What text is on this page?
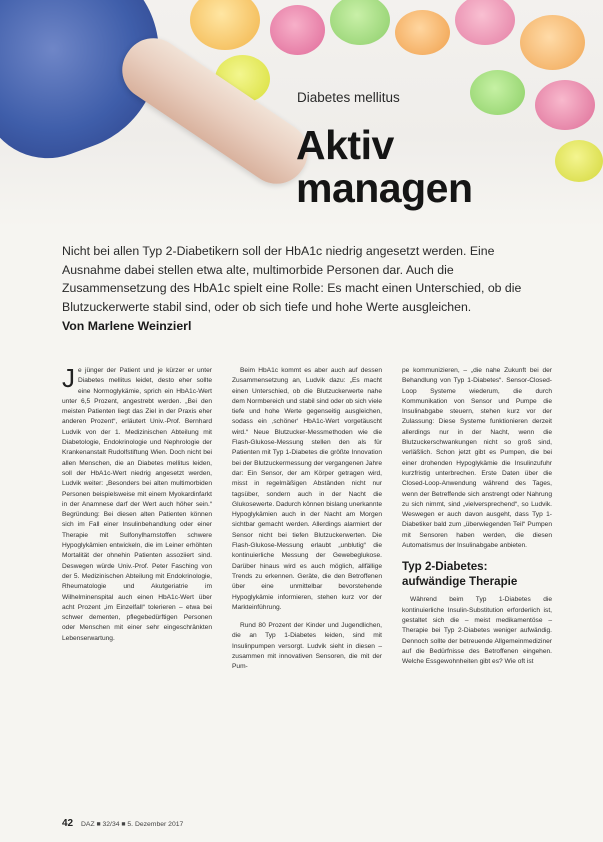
Diabetes mellitus
Aktiv
managen
Nicht bei allen Typ 2-Diabetikern soll der HbA1c niedrig angesetzt werden. Eine Ausnahme dabei stellen etwa alte, multimorbide Personen dar. Auch die Zusammensetzung des HbA1c spielt eine Rolle: Es macht einen Unterschied, ob die Blutzuckerwerte stabil sind, oder ob sich tiefe und hohe Werte ausgleichen.
Von Marlene Weinzierl

Je jünger der Patient und je kürzer er unter Diabetes mellitus leidet, desto eher sollte eine Normoglykämie, sprich ein HbA1c-Wert unter 6,5 Prozent, angestrebt werden. „Bei den meisten Patienten liegt das Ziel in der Praxis eher anderen Prozent“, erläutert Univ.-Prof. Bernhard Ludvik von der 1. Medizinischen Abteilung mit Diabetologie, Endokrinologie und Nephrologie der Krankenanstalt Rudolfstiftung Wien. Doch nicht bei allen Menschen, die an Diabetes mellitus leiden, soll der HbA1c-Wert niedrig angesetzt werden, Ludvik weiter: „Besonders bei alten multimorbiden Personen beispielsweise mit einem Myokardinfarkt in der Anamnese darf der Wert auch höher sein.“ Begründung: Bei diesen alten Patienten können sich im Fall einer Insulinbehandlung oder einer Therapie mit Sulfonylharnstoffen schwere Hypoglykämien entwickeln, die im Leiner erhöhten Mortalität der ohnehin Patienten assoziiert sind. Deswegen würde Univ.-Prof. Peter Fasching von der 5. Medizinischen Abteilung mit Endokrinologie, Rheumatologie und Akutgeriatrie im Wilhelminenspital auch einen HbA1c-Wert über acht Prozent „im Einzelfall“ tolerieren – etwa bei schwer dementen, pflegebedürftigen Personen oder Menschen mit einer sehr eingeschränkten Lebenserwartung.

Beim HbA1c kommt es aber auch auf dessen Zusammensetzung an, Ludvik dazu: „Es macht einen Unterschied, ob die Blutzuckerwerte nahe dem Normbereich und stabil sind oder ob sich viele tiefe und hohe Werte gegenseitig ausgleichen, sodass ein ‚schöner‘ HbA1c-Wert vorgetäuscht wird.“ Neue Blutzucker-Messmethoden wie die Flash-Glukose-Messung stellen den als für Patienten mit Typ 1-Diabetes die größte Innovation bei der Blutzuckermessung der vergangenen Jahre dar: Ein Sensor, der am Körper getragen wird, misst in regelmäßigen Abständen nicht nur tagsüber, sondern auch in der Nacht die Glukosewerte. Dadurch können bislang unerkannte Hypoglykämien auch in der Nacht am Morgen sichtbar gemacht werden. Allerdings alarmiert der Sensor nicht bei tiefen Blutzuckerwerten. Die Flash-Glukose-Messung erlaubt „unblutig“ die kontinuierliche Messung der Gewebeglukose. Darüber hinaus wird es auch möglich, allfällige Trends zu erkennen. Geräte, die den Betroffenen über eine unmittelbar bevorstehende Hypoglykämie informieren, stehen kurz vor der Markteinführung.

Rund 80 Prozent der Kinder und Jugendlichen, die an Typ 1-Diabetes leiden, sind mit Insulinpumpen versorgt. Ludvik sieht in diesen – zusammen mit innovativen Sensoren, die mit der Pum-

pe kommunizieren, – „die nahe Zukunft bei der Behandlung von Typ 1-Diabetes“. Sensor-Closed-Loop Systeme wiederum, die durch Kommunikation von Sensor und Pumpe die Insulinabgabe steuern, stehen kurz vor der Zulassung: Diese Systeme funktionieren derzeit allerdings nur in der Nacht, wenn die Blutzuckerschwankungen nicht so groß sind, verläßlich. Schon jetzt gibt es Pumpen, die bei einer drohenden Hypoglykämie die Insulinzufuhr kurzfristig unterbrechen. Erste Daten über die Closed-Loop-Anwendung während des Tages, wenn der Betreffende sich anstrengt oder Nahrung zu sich nimmt, sind „vielversprechend“, so Ludvik. Weswegen er auch davon ausgeht, dass Typ 1-Diabetiker bald zum „überwiegenden Teil“ Pumpen mit Sensoren haben werden, die diesen Automatismus der Insulinabgabe anbieten.

Typ 2-Diabetes: aufwändige Therapie

Während beim Typ 1-Diabetes die kontinuierliche Insulin-Substitution erforderlich ist, gestaltet sich die – meist medikamentöse – Therapie bei Typ 2-Diabetes weniger aufwändig. Dennoch sollte der betreuende Allgemeinmediziner auf die Bedürfnisse des Betroffenen eingehen. Welche Essgewohnheiten gibt es? Wie oft ist

42 DAZ ■ 32/34 ■ 5. Dezember 2017
